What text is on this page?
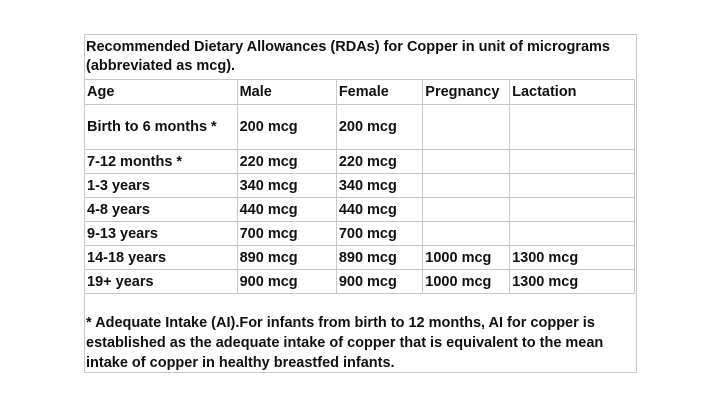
Recommended Dietary Allowances (RDAs) for Copper in unit of micrograms (abbreviated as mcg).
Age	Male	Female	Pregnancy	Lactation
Birth to 6 months *	200 mcg	200 mcg		
7-12 months *	220 mcg	220 mcg		
1-3 years	340 mcg	340 mcg		
4-8 years	440 mcg	440 mcg		
9-13 years	700 mcg	700 mcg		
14-18 years	890 mcg	890 mcg	1000 mcg	1300 mcg
19+ years	900 mcg	900 mcg	1000 mcg	1300 mcg
* Adequate Intake (AI).For infants from birth to 12 months, AI for copper is established as the adequate intake of copper that is equivalent to the mean intake of copper in healthy breastfed infants.
